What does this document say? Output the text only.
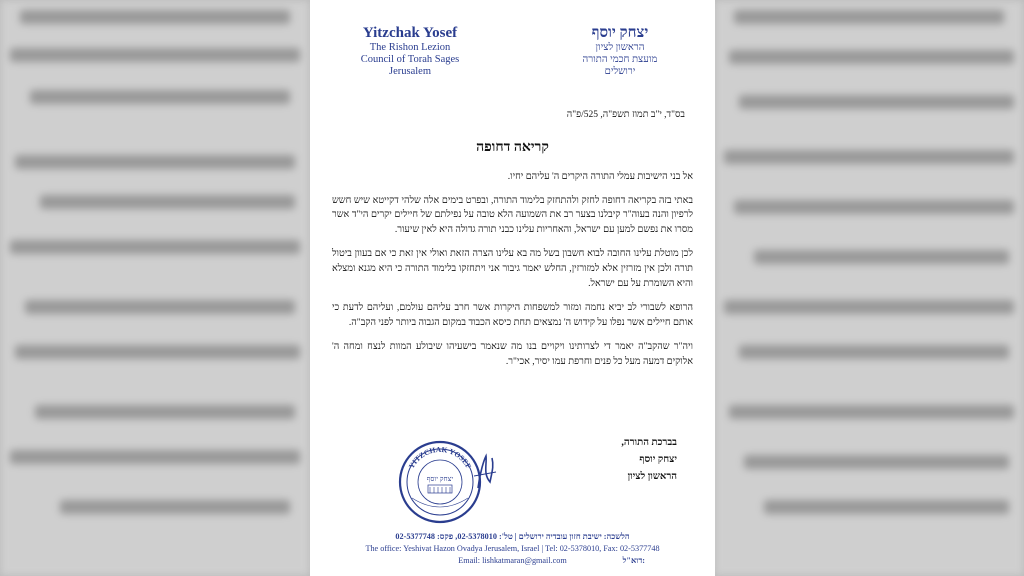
Yitzchak Yosef
The Rishon Lezion
Council of Torah Sages
Jerusalem
יצחק יוסף
הראשון לציון
מועצת חכמי התורה
ירושלים
בס"ד, י"ב תמוז תשפ"ה, 525/פ"ה
קריאה דחופה

אל בני הישיבות עמלי התורה היקרים ה' עליהם יחיו.

באתי בזה בקריאה דחופה לחזק ולהתחזק בלימוד התורה, ובפרט בימים אלה שלהי דקייטא שיש חשש לרפיון והנה בעוה"ר קיבלנו בצער רב את השמועה הלא טובה על נפילתם של חיילים יקרים הי"ד אשר מסרו את נפשם למען עם ישראל, והאחריות עלינו כבני תורה גדולה היא לאין שיעור.

לכן מוטלת עלינו החובה לבוא חשבון בשל מה בא עלינו הצרה הזאת ואולי אין זאת כי אם בעוון ביטול תורה ולכן אין מזרזין אלא למזורזין, החלש יאמר גיבור אני ויתחזקו בלימוד התורה כי היא מגנא ומצלא והיא השומרת על עם ישראל.

הרופא לשבורי לב יביא נחמה ומזור למשפחות היקרות אשר חרב עליהם עולמם, ועליהם לדעת כי אותם חיילים אשר נפלו על קידוש ה' נמצאים תחת כיסא הכבוד במקום הגבוה ביותר לפני הקב"ה.

ויה"ר שהקב"ה יאמר די לצרותינו ויקויים בנו מה שנאמר בישעיהו שיבולע המוות לנצח ומחה ה' אלוקים דמעה מעל כל פנים וחרפת עמו יסיר, אכי"ר.

בברכת התורה,
יצחק יוסף
הראשון לציון
YITZCHAK YOSEF
יצחק יוסף
הלשכה: ישיבת חזון עובדיה ירושלים | טל': 02-5378010, פקס: 02-5377748
The office: Yeshivat Hazon Ovadya Jerusalem, Israel | Tel: 02-5378010, Fax: 02-5377748
Email: lishkatmaran@gmail.com	דוא"ל:
